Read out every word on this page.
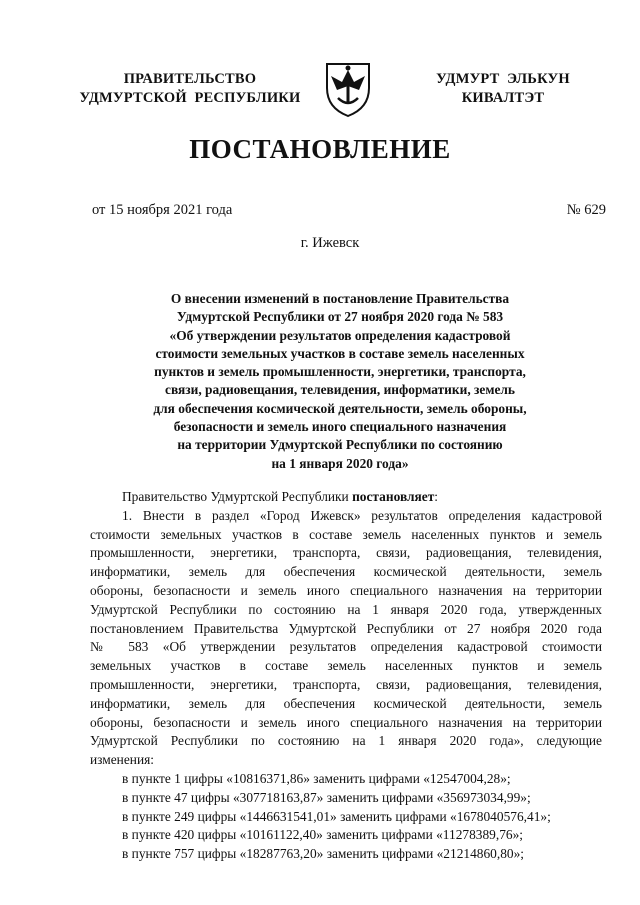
ПРАВИТЕЛЬСТВО
УДМУРТСКОЙ  РЕСПУБЛИКИ
УДМУРТ  ЭЛЬКУН
КИВАЛТЭТ
ПОСТАНОВЛЕНИЕ
от 15 ноября 2021 года	№ 629
г. Ижевск
О внесении изменений в постановление Правительства
Удмуртской Республики от 27 ноября 2020 года № 583
«Об утверждении результатов определения кадастровой
стоимости земельных участков в составе земель населенных
пунктов и земель промышленности, энергетики, транспорта,
связи, радиовещания, телевидения, информатики, земель
для обеспечения космической деятельности, земель обороны,
безопасности и земель иного специального назначения
на территории Удмуртской Республики по состоянию
на 1 января 2020 года»
Правительство Удмуртской Республики постановляет:
1. Внести в раздел «Город Ижевск» результатов определения кадастровой
стоимости земельных участков в составе земель населенных пунктов и земель
промышленности, энергетики, транспорта, связи, радиовещания, телевидения,
информатики, земель для обеспечения космической деятельности, земель
обороны, безопасности и земель иного специального назначения на территории
Удмуртской Республики по состоянию на 1 января 2020 года, утвержденных
постановлением Правительства Удмуртской Республики от 27 ноября 2020 года
№ 583 «Об утверждении результатов определения кадастровой стоимости
земельных участков в составе земель населенных пунктов и земель
промышленности, энергетики, транспорта, связи, радиовещания, телевидения,
информатики, земель для обеспечения космической деятельности, земель
обороны, безопасности и земель иного специального назначения на территории
Удмуртской Республики по состоянию на 1 января 2020 года», следующие
изменения:
в пункте 1 цифры «10816371,86» заменить цифрами «12547004,28»;
в пункте 47 цифры «307718163,87» заменить цифрами «356973034,99»;
в пункте 249 цифры «1446631541,01» заменить цифрами «1678040576,41»;
в пункте 420 цифры «10161122,40» заменить цифрами «11278389,76»;
в пункте 757 цифры «18287763,20» заменить цифрами «21214860,80»;
